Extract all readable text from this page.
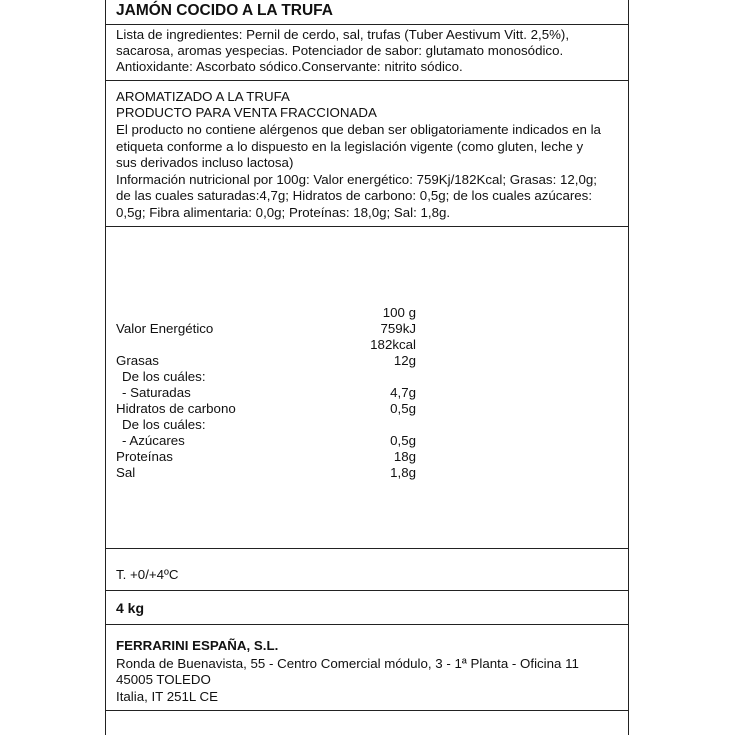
JAMÓN COCIDO A LA TRUFA
Lista de ingredientes: Pernil de cerdo, sal, trufas (Tuber Aestivum Vitt. 2,5%),
sacarosa, aromas yespecias. Potenciador de sabor: glutamato monosódico.
Antioxidante: Ascorbato sódico.Conservante: nitrito sódico.
AROMATIZADO A LA TRUFA
PRODUCTO PARA VENTA FRACCIONADA
El producto no contiene alérgenos que deban ser obligatoriamente indicados en la
etiqueta conforme a lo dispuesto en la legislación vigente (como gluten, leche y
sus derivados incluso lactosa)
Información nutricional por 100g: Valor energético: 759Kj/182Kcal; Grasas: 12,0g;
de las cuales saturadas:4,7g; Hidratos de carbono: 0,5g; de los cuales azúcares:
0,5g; Fibra alimentaria: 0,0g; Proteínas: 18,0g; Sal: 1,8g.
100 g
Valor Energético	759kJ
182kcal
Grasas	12g
De los cuáles:
- Saturadas	4,7g
Hidratos de carbono	0,5g
De los cuáles:
- Azúcares	0,5g
Proteínas	18g
Sal	1,8g
T. +0/+4ºC
4 kg
FERRARINI ESPAÑA, S.L.
Ronda de Buenavista, 55 - Centro Comercial módulo, 3 - 1ª Planta - Oficina 11
45005 TOLEDO
Italia, IT 251L CE
